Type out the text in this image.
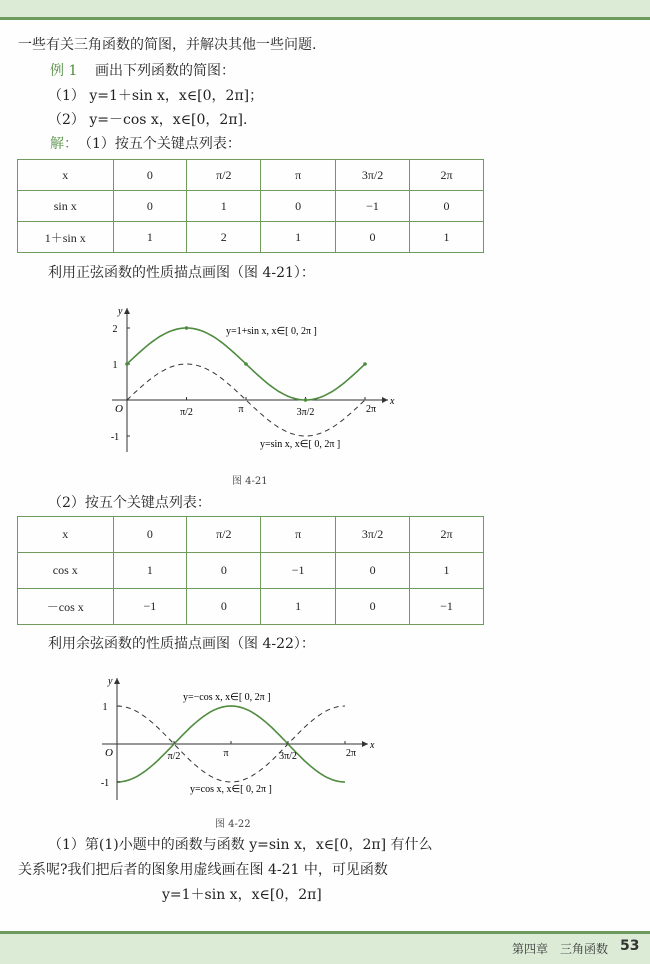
一些有关三角函数的简图，并解决其他一些问题.
例 1 画出下列函数的简图：
（1） y=1＋sin x，x∈[0，2π]；
（2） y=－cos x，x∈[0，2π].
解： （1）按五个关键点列表：
x	0	π/2	π	3π/2	2π
sin x	0	1	0	−1	0
1＋sin x	1	2	1	0	1
利用正弦函数的性质描点画图（图 4-21）：
x
y
O
2
1
-1
π/2	π	3π/2	2π
y=1+sin x, x∈[ 0, 2π ]
y=sin x, x∈[ 0, 2π ]
图 4-21
（2）按五个关键点列表：
x	0	π/2	π	3π/2	2π
cos x	1	0	−1	0	1
－cos x	−1	0	1	0	−1
利用余弦函数的性质描点画图（图 4-22）：
x
y
O
1
-1
π/2	π	3π/2	2π
y=−cos x, x∈[ 0, 2π ]
y=cos x, x∈[ 0, 2π ]
图 4-22
（1）第(1)小题中的函数与函数 y=sin x，x∈[0，2π] 有什么
关系呢?我们把后者的图象用虚线画在图 4-21 中，可见函数
y=1＋sin x，x∈[0，2π]
第四章　三角函数 53
